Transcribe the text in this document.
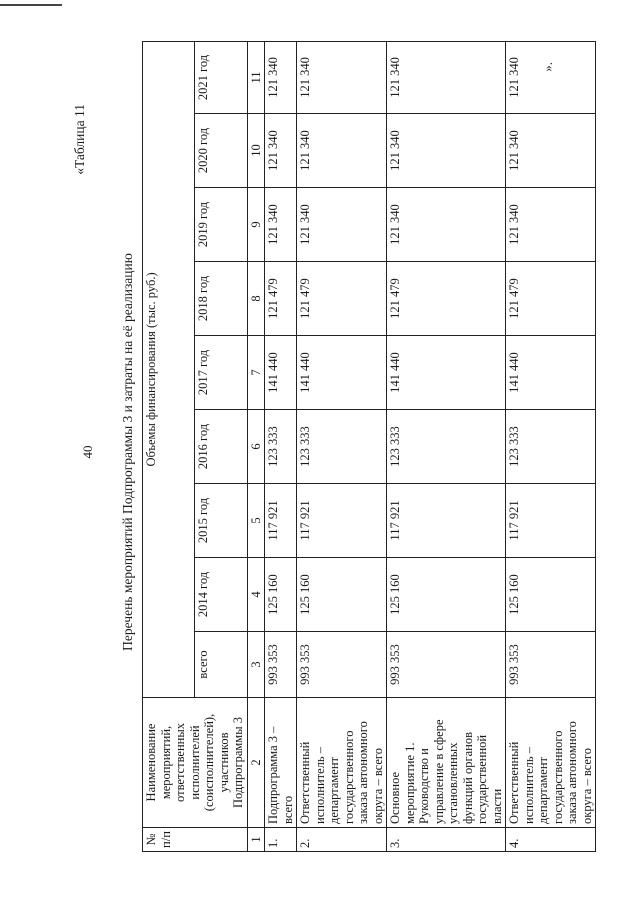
40
«Таблица 11
Перечень мероприятий Подпрограммы 3 и затраты на её реализацию
№ п/п	Наименование мероприятий, ответственных исполнителей (соисполнителей), участников Подпрограммы 3	Объемы финансирования (тыс. руб.)								
		всего	2014 год	2015 год	2016 год	2017 год	2018 год	2019 год	2020 год	2021 год
1	2	3	4	5	6	7	8	9	10	11
1.	Подпрограмма 3 – всего	993 353	125 160	117 921	123 333	141 440	121 479	121 340	121 340	121 340
2.	Ответственный исполнитель – департамент государственного заказа автономного округа – всего	993 353	125 160	117 921	123 333	141 440	121 479	121 340	121 340	121 340
3.	Основное мероприятие 1. Руководство и управление в сфере установленных функций органов государственной власти	993 353	125 160	117 921	123 333	141 440	121 479	121 340	121 340	121 340
4.	Ответственный исполнитель – департамент государственного заказа автономного округа – всего	993 353	125 160	117 921	123 333	141 440	121 479	121 340	121 340	121 340 ».
